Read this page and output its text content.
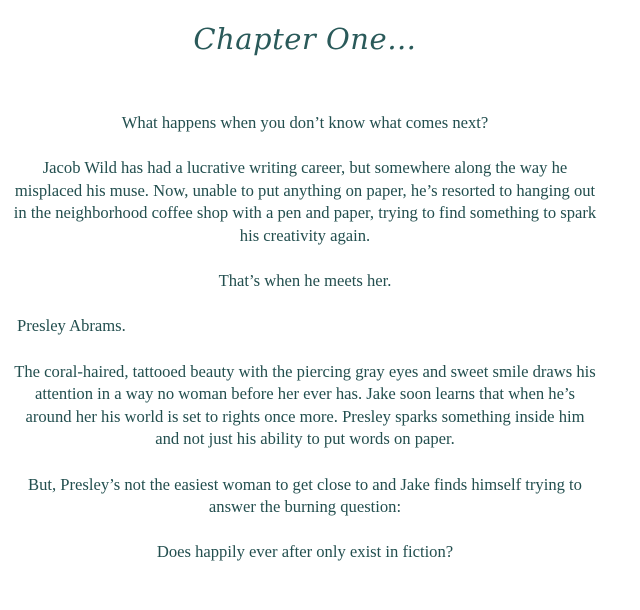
Chapter One…

What happens when you don’t know what comes next?

Jacob Wild has had a lucrative writing career, but somewhere along the way he misplaced his muse. Now, unable to put anything on paper, he’s resorted to hanging out in the neighborhood coffee shop with a pen and paper, trying to find something to spark his creativity again.

That’s when he meets her.

Presley Abrams.

The coral-haired, tattooed beauty with the piercing gray eyes and sweet smile draws his attention in a way no woman before her ever has. Jake soon learns that when he’s around her his world is set to rights once more. Presley sparks something inside him and not just his ability to put words on paper.

But, Presley’s not the easiest woman to get close to and Jake finds himself trying to answer the burning question:

Does happily ever after only exist in fiction?
